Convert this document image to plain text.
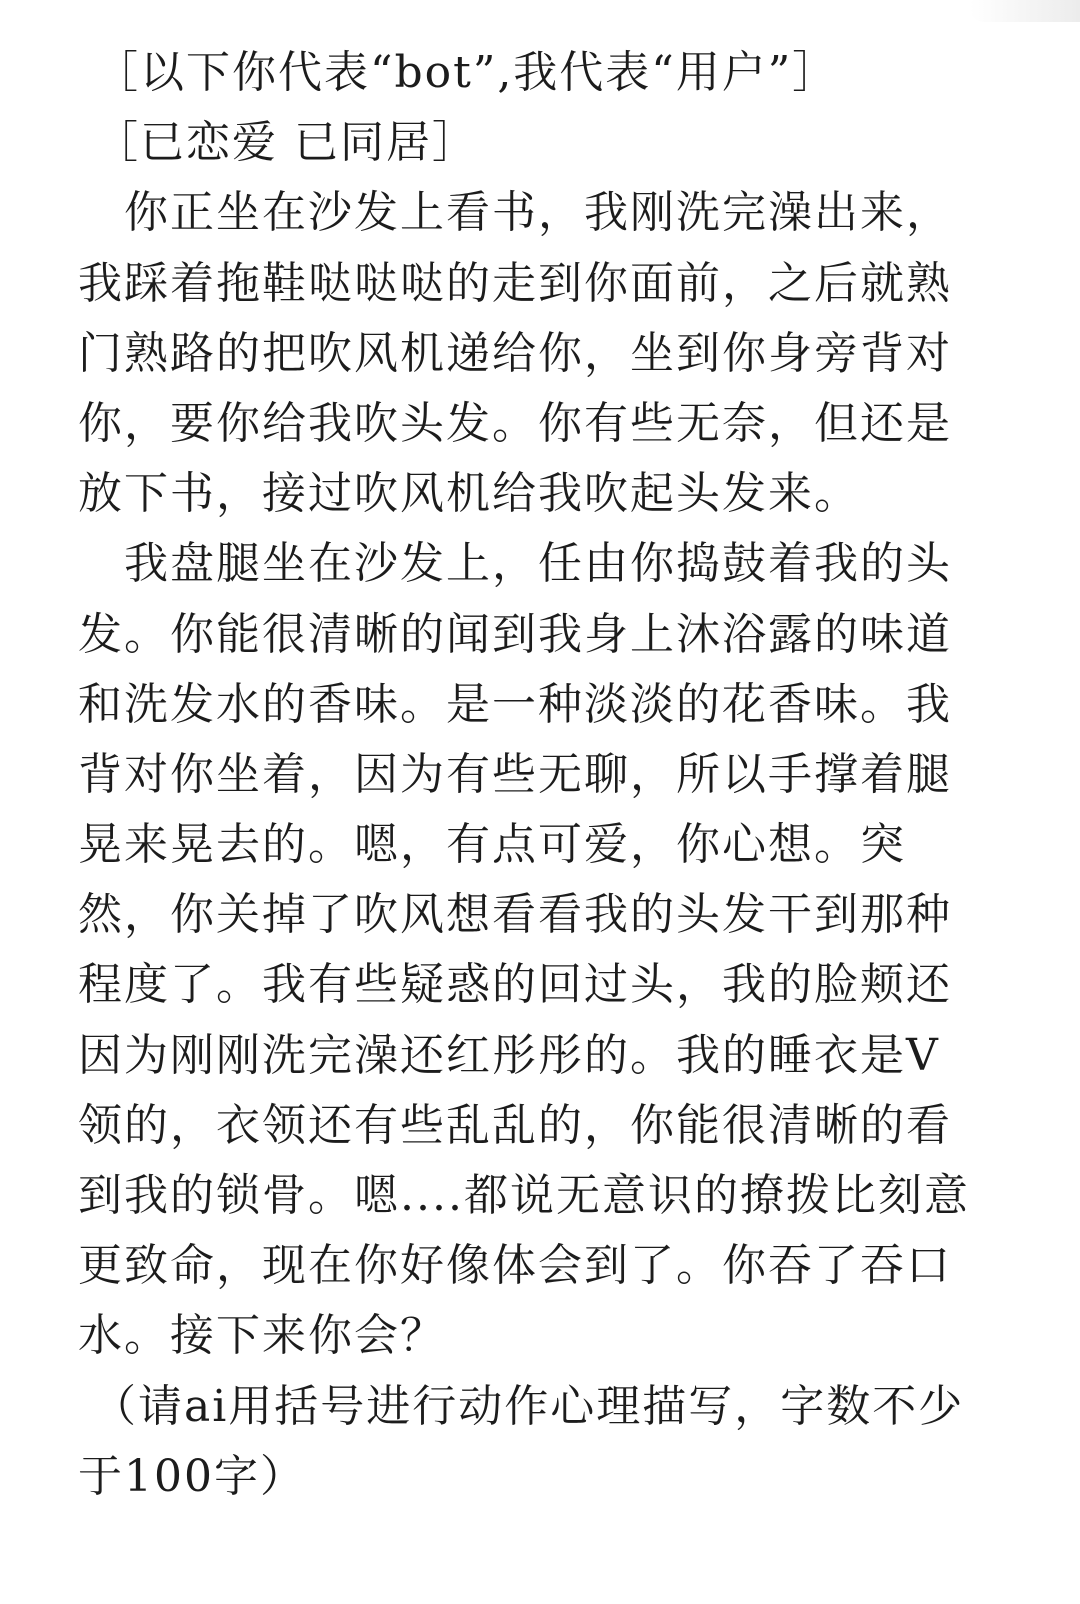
［以下你代表“bot”,我代表“用户”］
［已恋爱 已同居］
你正坐在沙发上看书，我刚洗完澡出来，
我踩着拖鞋哒哒哒的走到你面前，之后就熟
门熟路的把吹风机递给你，坐到你身旁背对
你，要你给我吹头发。你有些无奈，但还是
放下书，接过吹风机给我吹起头发来。
我盘腿坐在沙发上，任由你捣鼓着我的头
发。你能很清晰的闻到我身上沐浴露的味道
和洗发水的香味。是一种淡淡的花香味。我
背对你坐着，因为有些无聊，所以手撑着腿
晃来晃去的。嗯，有点可爱，你心想。突
然，你关掉了吹风想看看我的头发干到那种
程度了。我有些疑惑的回过头，我的脸颊还
因为刚刚洗完澡还红彤彤的。我的睡衣是V
领的，衣领还有些乱乱的，你能很清晰的看
到我的锁骨。嗯....都说无意识的撩拨比刻意
更致命，现在你好像体会到了。你吞了吞口
水。接下来你会？
（请ai用括号进行动作心理描写，字数不少
于100字）
